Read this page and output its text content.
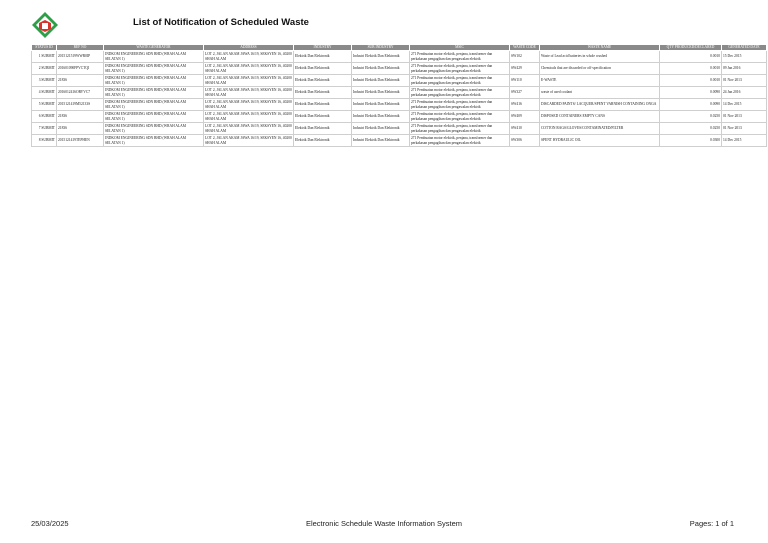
List of Notification of Scheduled Waste
STATUS ID	REF NO	WASTE GENERATOR	ADDRESS	INDUSTRY	SUB INDUSTRY	MSIC	WASTE CODE	WASTE NAME	QTY PRODUCED/DECLARED	GENERATED DATE
1 SUBMIT	2015121519WWR0IP	INDKOM ENGINEERING SDN BHD (WRAH ALAM SELATAN 1)	LOT 2, JALAN AKAM JAWA 16/19, SEKSYEN 16, 40200 SHAH ALAM	Elektrik Dan Elektronik	Industri Elektrik Dan Elektronik	271 Pembuatan motor elektrik, penjana, transformer dan perkakasan pengagihan dan pengawalan elektrik	SW102	Waste of Lead acid batteries in whole crushed	0.0010	15 Dec 2015
2 SUBMIT	201601090FPVCTQI	INDKOM ENGINEERING SDN BHD (WRAH ALAM SELATAN 1)	LOT 2, JALAN AKAM JAWA 16/19, SEKSYEN 16, 40200 SHAH ALAM	Elektrik Dan Elektronik	Industri Elektrik Dan Elektronik	271 Pembuatan motor elektrik, penjana, transformer dan perkakasan pengagihan dan pengawalan elektrik	SW429	Chemicals that are discarded or off-specification	0.0010	09 Jan 2016
3 SUBMIT	21836	INDKOM ENGINEERING SDN BHD (WRAH ALAM SELATAN 1)	LOT 2, JALAN AKAM JAWA 16/19, SEKSYEN 16, 40200 SHAH ALAM	Elektrik Dan Elektronik	Industri Elektrik Dan Elektronik	271 Pembuatan motor elektrik, penjana, transformer dan perkakasan pengagihan dan pengawalan elektrik	SW110	E-WASTE	0.0010	01 Nov 2013
4 SUBMIT	2016012416ORVVC7	INDKOM ENGINEERING SDN BHD (WRAH ALAM SELATAN 1)	LOT 2, JALAN AKAM JAWA 16/19, SEKSYEN 16, 40200 SHAH ALAM	Elektrik Dan Elektronik	Industri Elektrik Dan Elektronik	271 Pembuatan motor elektrik, penjana, transformer dan perkakasan pengagihan dan pengawalan elektrik	SW327	waste of used coolant	0.0090	24 Jan 2016
5 SUBMIT	2015121419M52133S	INDKOM ENGINEERING SDN BHD (WRAH ALAM SELATAN 1)	LOT 2, JALAN AKAM JAWA 16/19, SEKSYEN 16, 40200 SHAH ALAM	Elektrik Dan Elektronik	Industri Elektrik Dan Elektronik	271 Pembuatan motor elektrik, penjana, transformer dan perkakasan pengagihan dan pengawalan elektrik	SW416	DISCARDED PAINTS/ LACQUER/SPENT VARNISH CONTAINING ONGA	0.0090	14 Dec 2015
6 SUBMIT	21836	INDKOM ENGINEERING SDN BHD (WRAH ALAM SELATAN 1)	LOT 2, JALAN AKAM JAWA 16/19, SEKSYEN 16, 40200 SHAH ALAM	Elektrik Dan Elektronik	Industri Elektrik Dan Elektronik	271 Pembuatan motor elektrik, penjana, transformer dan perkakasan pengagihan dan pengawalan elektrik	SW409	DISPOSED CONTAINERS EMPTY CANS	0.0250	01 Nov 2013
7 SUBMIT	21836	INDKOM ENGINEERING SDN BHD (WRAH ALAM SELATAN 1)	LOT 2, JALAN AKAM JAWA 16/19, SEKSYEN 16, 40200 SHAH ALAM	Elektrik Dan Elektronik	Industri Elektrik Dan Elektronik	271 Pembuatan motor elektrik, penjana, transformer dan perkakasan pengagihan dan pengawalan elektrik	SW410	COTTON RAGS/GLOVES/CONTAMINATED/FILTER	0.0250	01 Nov 2013
8 SUBMIT	2015121419TEPHEN	INDKOM ENGINEERING SDN BHD (WRAH ALAM SELATAN 1)	LOT 2, JALAN AKAM JAWA 16/19, SEKSYEN 16, 40200 SHAH ALAM	Elektrik Dan Elektronik	Industri Elektrik Dan Elektronik	271 Pembuatan motor elektrik, penjana, transformer dan perkakasan pengagihan dan pengawalan elektrik	SW306	SPENT HYDRAULIC OIL	0.0300	14 Dec 2015
25/03/2025	Electronic Schedule Waste Information System	Pages: 1 of 1
